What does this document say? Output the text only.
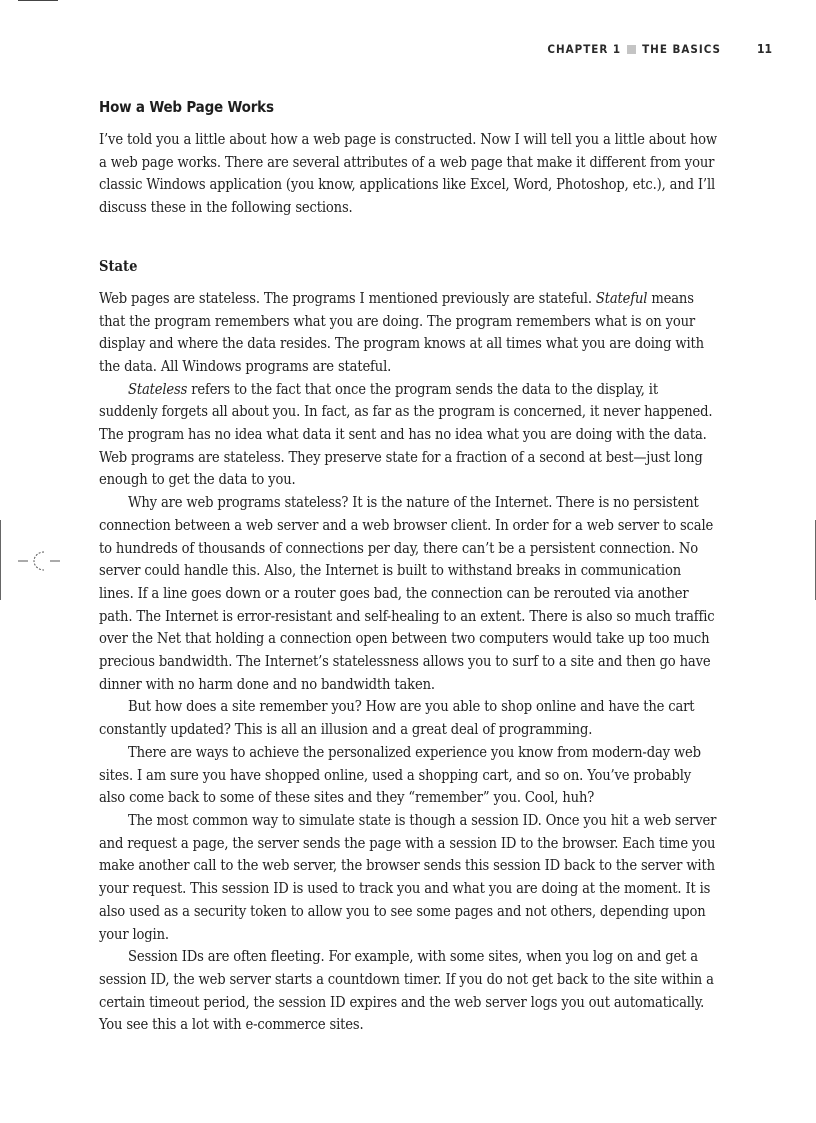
CHAPTER 1 THE BASICS	11
How a Web Page Works

I’ve told you a little about how a web page is constructed. Now I will tell you a little about how a web page works. There are several attributes of a web page that make it different from your classic Windows application (you know, applications like Excel, Word, Photoshop, etc.), and I’ll discuss these in the following sections.

State

Web pages are stateless. The programs I mentioned previously are stateful. Stateful means that the program remembers what you are doing. The program remembers what is on your display and where the data resides. The program knows at all times what you are doing with the data. All Windows programs are stateful.

Stateless refers to the fact that once the program sends the data to the display, it suddenly forgets all about you. In fact, as far as the program is concerned, it never happened. The program has no idea what data it sent and has no idea what you are doing with the data. Web programs are stateless. They preserve state for a fraction of a second at best—just long enough to get the data to you.

Why are web programs stateless? It is the nature of the Internet. There is no persistent connection between a web server and a web browser client. In order for a web server to scale to hundreds of thousands of connections per day, there can’t be a persistent connection. No server could handle this. Also, the Internet is built to withstand breaks in communication lines. If a line goes down or a router goes bad, the connection can be rerouted via another path. The Internet is error-resistant and self-healing to an extent. There is also so much traffic over the Net that holding a connection open between two computers would take up too much precious bandwidth. The Internet’s statelessness allows you to surf to a site and then go have dinner with no harm done and no bandwidth taken.

But how does a site remember you? How are you able to shop online and have the cart constantly updated? This is all an illusion and a great deal of programming.

There are ways to achieve the personalized experience you know from modern-day web sites. I am sure you have shopped online, used a shopping cart, and so on. You’ve probably also come back to some of these sites and they “remember” you. Cool, huh?

The most common way to simulate state is though a session ID. Once you hit a web server and request a page, the server sends the page with a session ID to the browser. Each time you make another call to the web server, the browser sends this session ID back to the server with your request. This session ID is used to track you and what you are doing at the moment. It is also used as a security token to allow you to see some pages and not others, depending upon your login.

Session IDs are often fleeting. For example, with some sites, when you log on and get a session ID, the web server starts a countdown timer. If you do not get back to the site within a certain timeout period, the session ID expires and the web server logs you out automatically. You see this a lot with e-commerce sites.
